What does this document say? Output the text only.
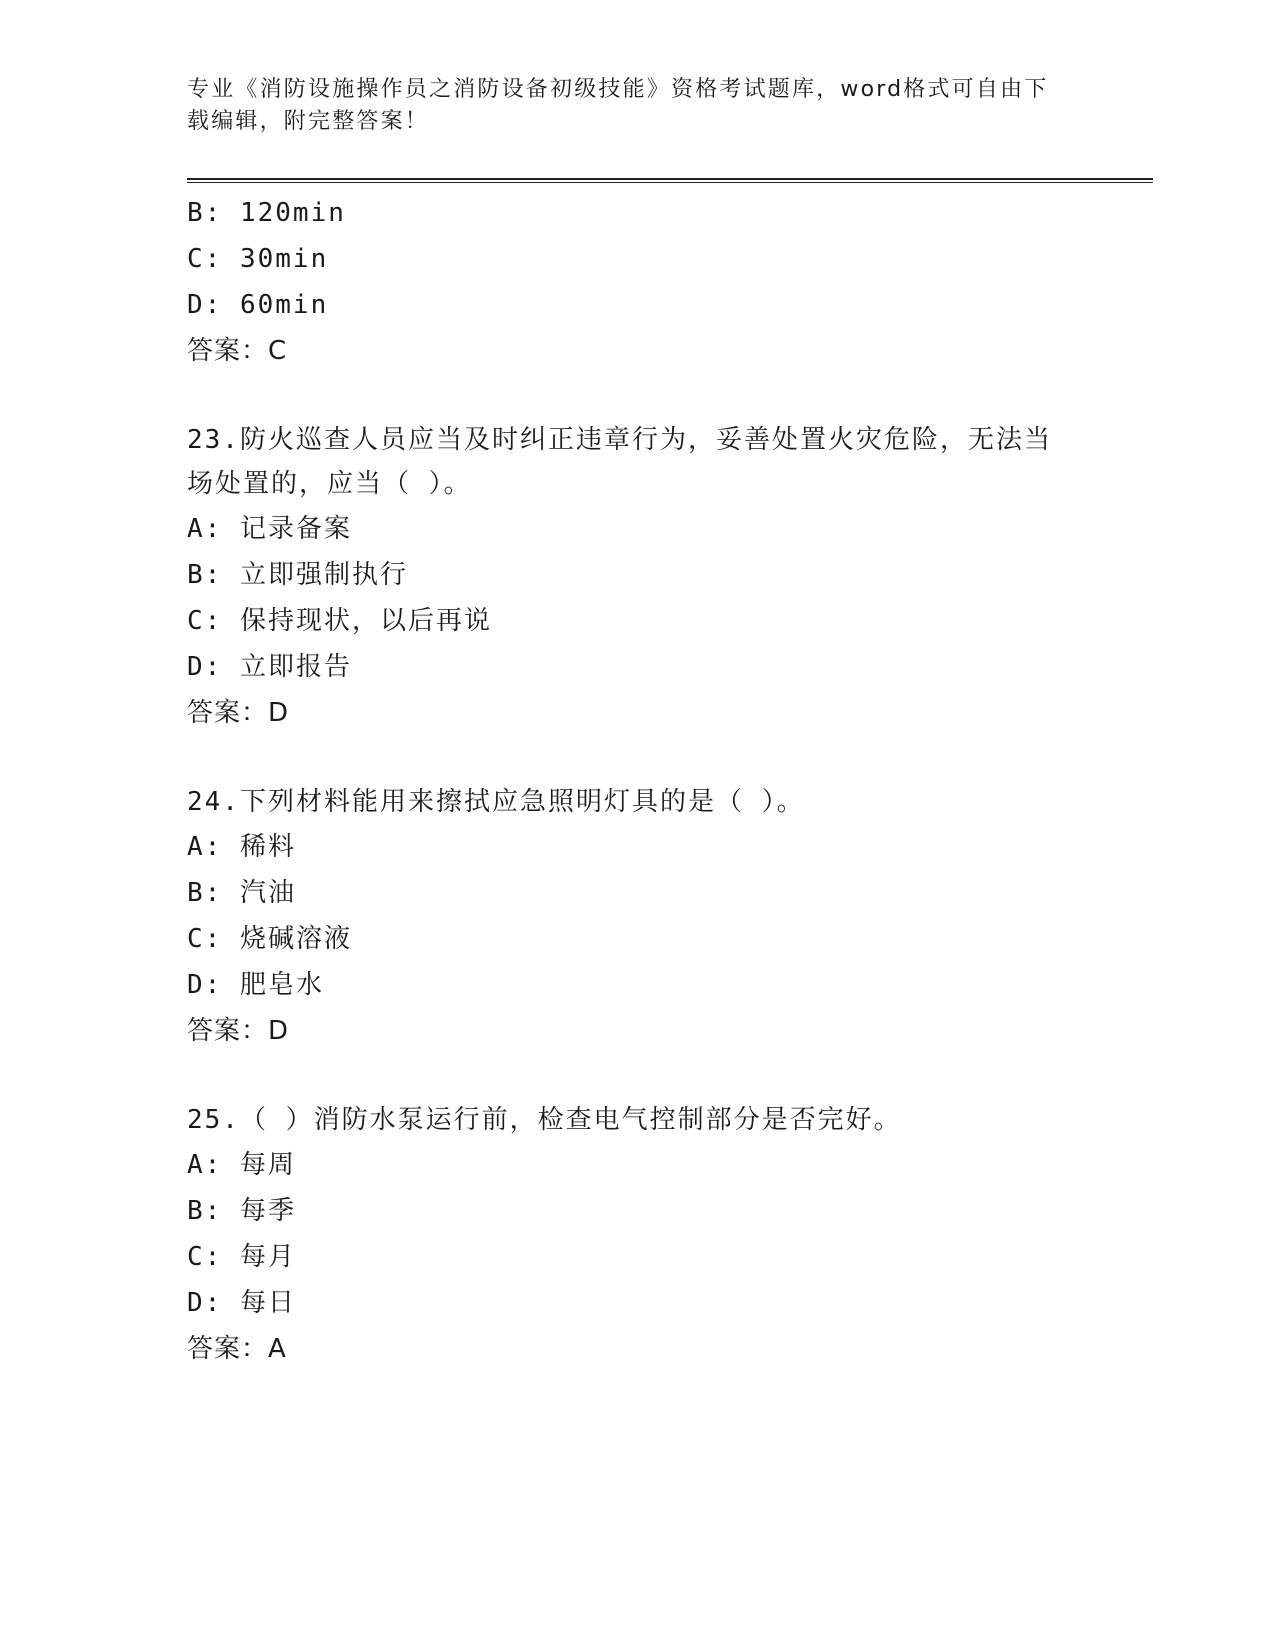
专业《消防设施操作员之消防设备初级技能》资格考试题库，word格式可自由下
载编辑，附完整答案！
B: 120min
C: 30min
D: 60min
答案：C
23.防火巡查人员应当及时纠正违章行为，妥善处置火灾危险，无法当
场处置的，应当（ ）。
A: 记录备案
B: 立即强制执行
C: 保持现状，以后再说
D: 立即报告
答案：D
24.下列材料能用来擦拭应急照明灯具的是（ ）。
A: 稀料
B: 汽油
C: 烧碱溶液
D: 肥皂水
答案：D
25.（ ）消防水泵运行前，检查电气控制部分是否完好。
A: 每周
B: 每季
C: 每月
D: 每日
答案：A
